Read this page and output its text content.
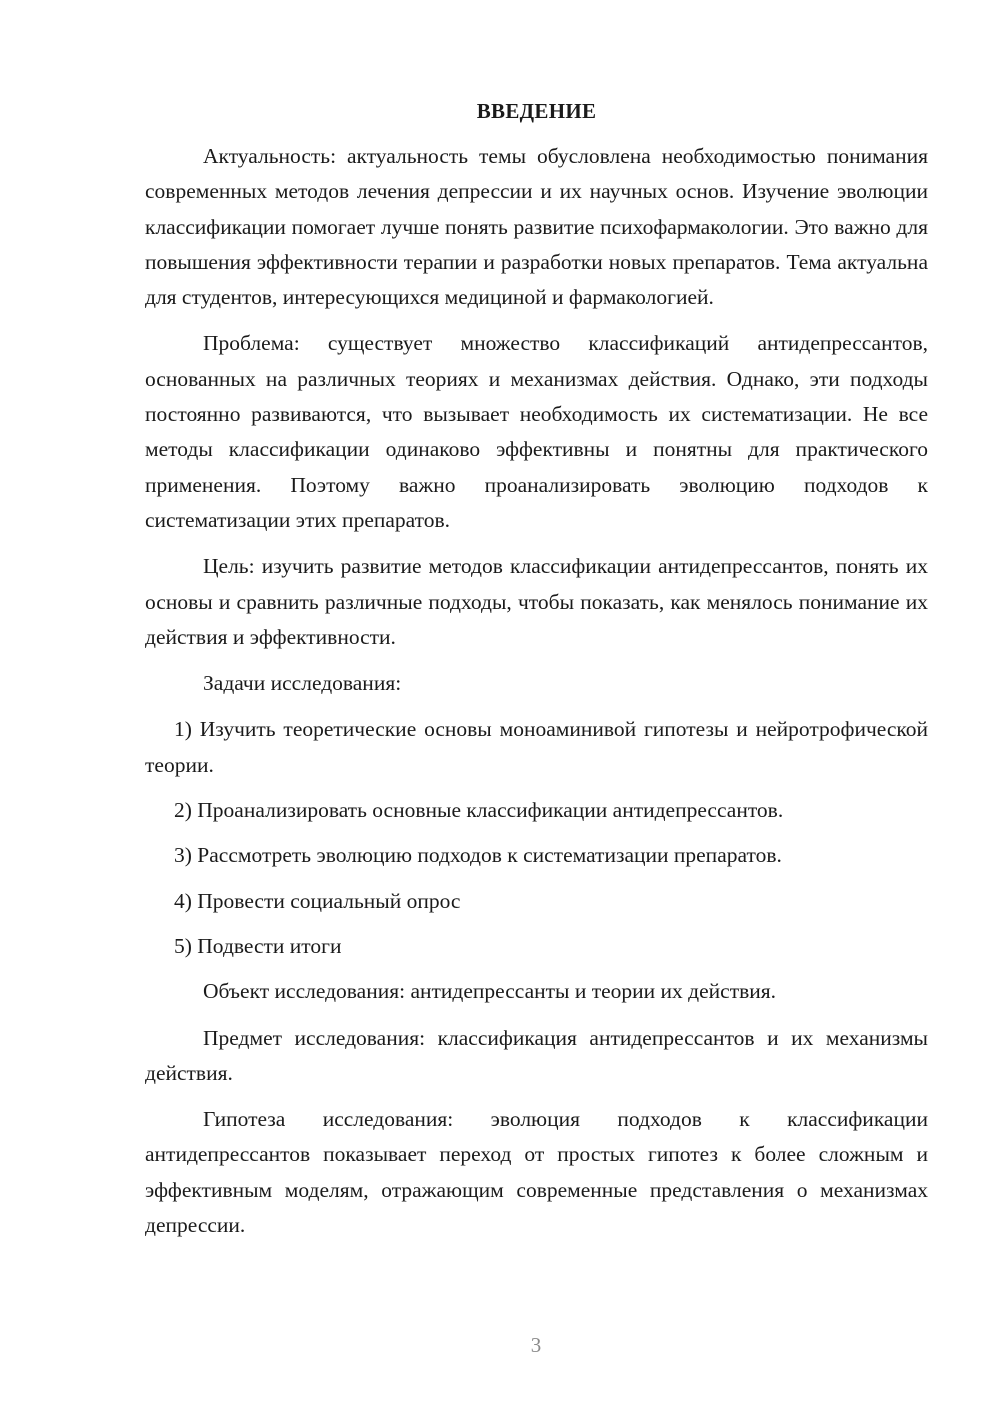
ВВЕДЕНИЕ

Актуальность: актуальность темы обусловлена необходимостью понимания современных методов лечения депрессии и их научных основ. Изучение эволюции классификации помогает лучше понять развитие психофармакологии. Это важно для повышения эффективности терапии и разработки новых препаратов. Тема актуальна для студентов, интересующихся медициной и фармакологией.

Проблема: существует множество классификаций антидепрессантов, основанных на различных теориях и механизмах действия. Однако, эти подходы постоянно развиваются, что вызывает необходимость их систематизации. Не все методы классификации одинаково эффективны и понятны для практического применения. Поэтому важно проанализировать эволюцию подходов к систематизации этих препаратов.

Цель: изучить развитие методов классификации антидепрессантов, понять их основы и сравнить различные подходы, чтобы показать, как менялось понимание их действия и эффективности.

Задачи исследования:

1) Изучить теоретические основы моноаминивой гипотезы и нейротрофической теории.

2) Проанализировать основные классификации антидепрессантов.

3) Рассмотреть эволюцию подходов к систематизации препаратов.

4) Провести социальный опрос

5) Подвести итоги

Объект исследования: антидепрессанты и теории их действия.

Предмет исследования: классификация антидепрессантов и их механизмы действия.

Гипотеза исследования: эволюция подходов к классификации антидепрессантов показывает переход от простых гипотез к более сложным и эффективным моделям, отражающим современные представления о механизмах депрессии.

3
